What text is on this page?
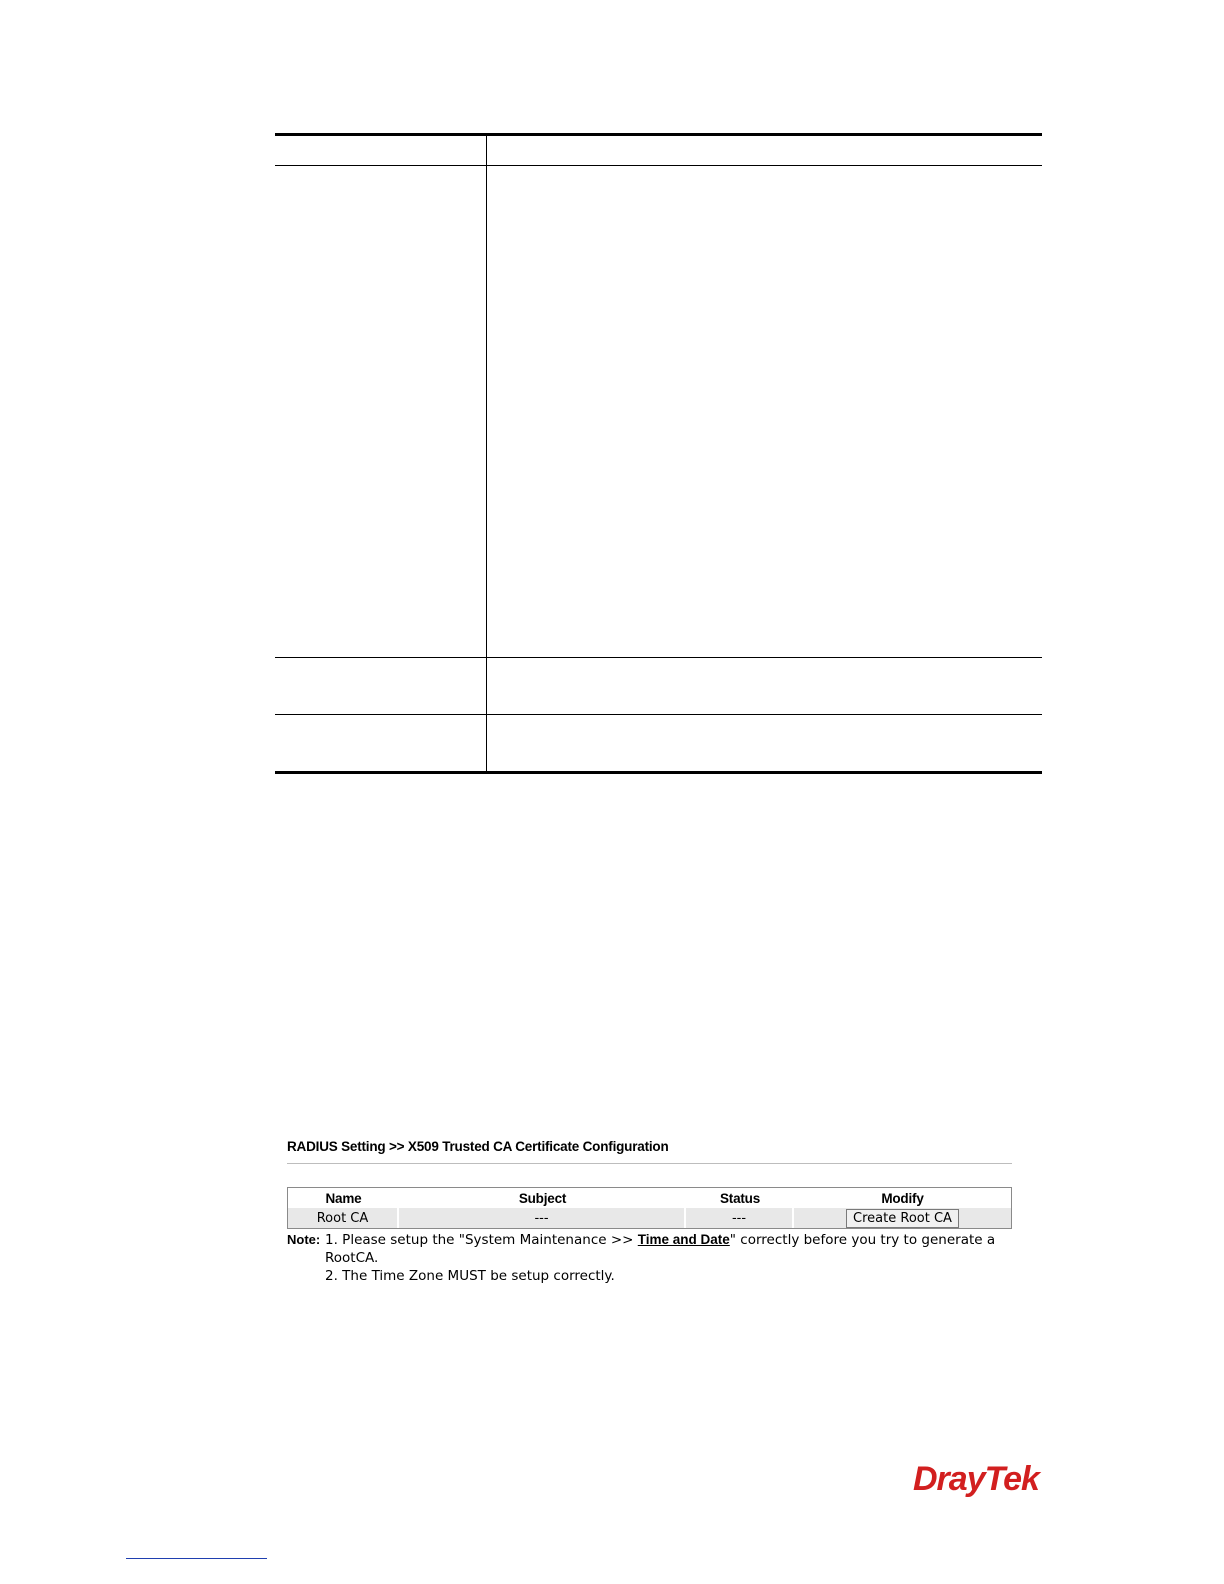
RADIUS Setting >> X509 Trusted CA Certificate Configuration
Name	Subject	Status	Modify
Root CA	---	---	Create Root CA
Note: 1. Please setup the "System Maintenance >> Time and Date" correctly before you try to generate a RootCA.
2. The Time Zone MUST be setup correctly.
DrayTek
